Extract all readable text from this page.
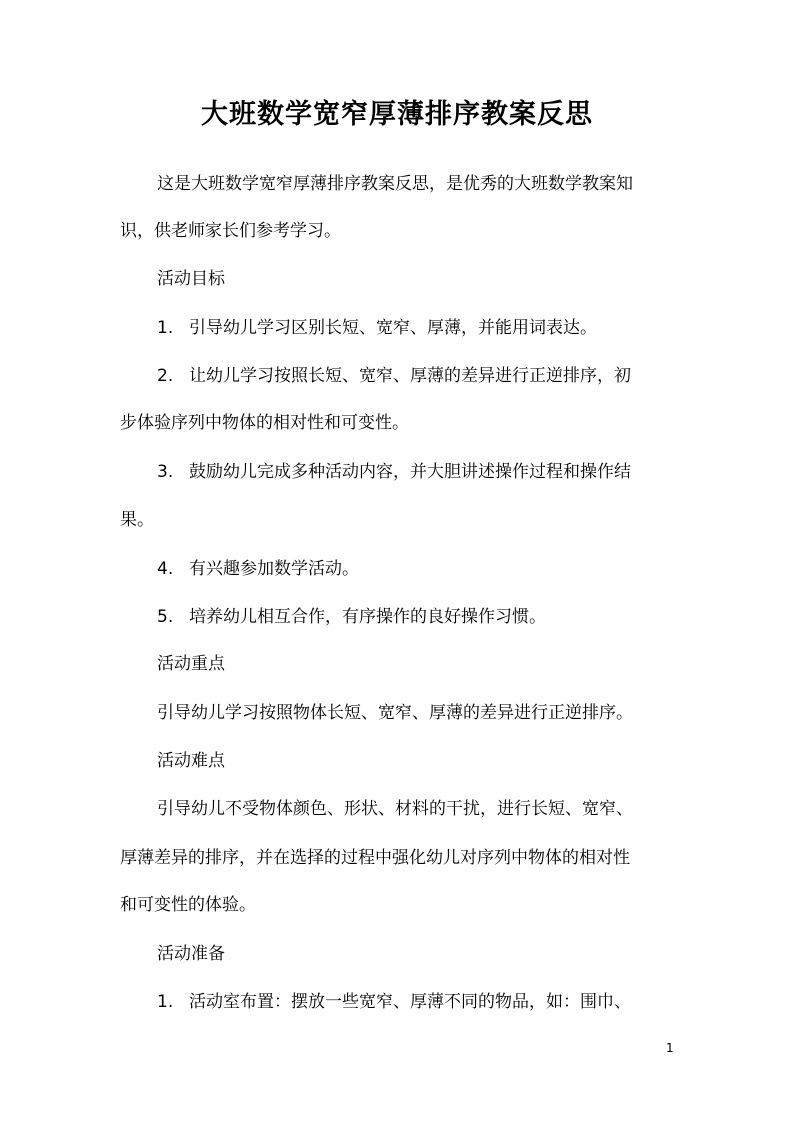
大班数学宽窄厚薄排序教案反思
这是大班数学宽窄厚薄排序教案反思，是优秀的大班数学教案知
识，供老师家长们参考学习。
活动目标
1. 引导幼儿学习区别长短、宽窄、厚薄，并能用词表达。
2. 让幼儿学习按照长短、宽窄、厚薄的差异进行正逆排序，初
步体验序列中物体的相对性和可变性。
3. 鼓励幼儿完成多种活动内容，并大胆讲述操作过程和操作结
果。
4. 有兴趣参加数学活动。
5. 培养幼儿相互合作，有序操作的良好操作习惯。
活动重点
引导幼儿学习按照物体长短、宽窄、厚薄的差异进行正逆排序。
活动难点
引导幼儿不受物体颜色、形状、材料的干扰，进行长短、宽窄、
厚薄差异的排序，并在选择的过程中强化幼儿对序列中物体的相对性
和可变性的体验。
活动准备
1. 活动室布置：摆放一些宽窄、厚薄不同的物品，如：围巾、
1
